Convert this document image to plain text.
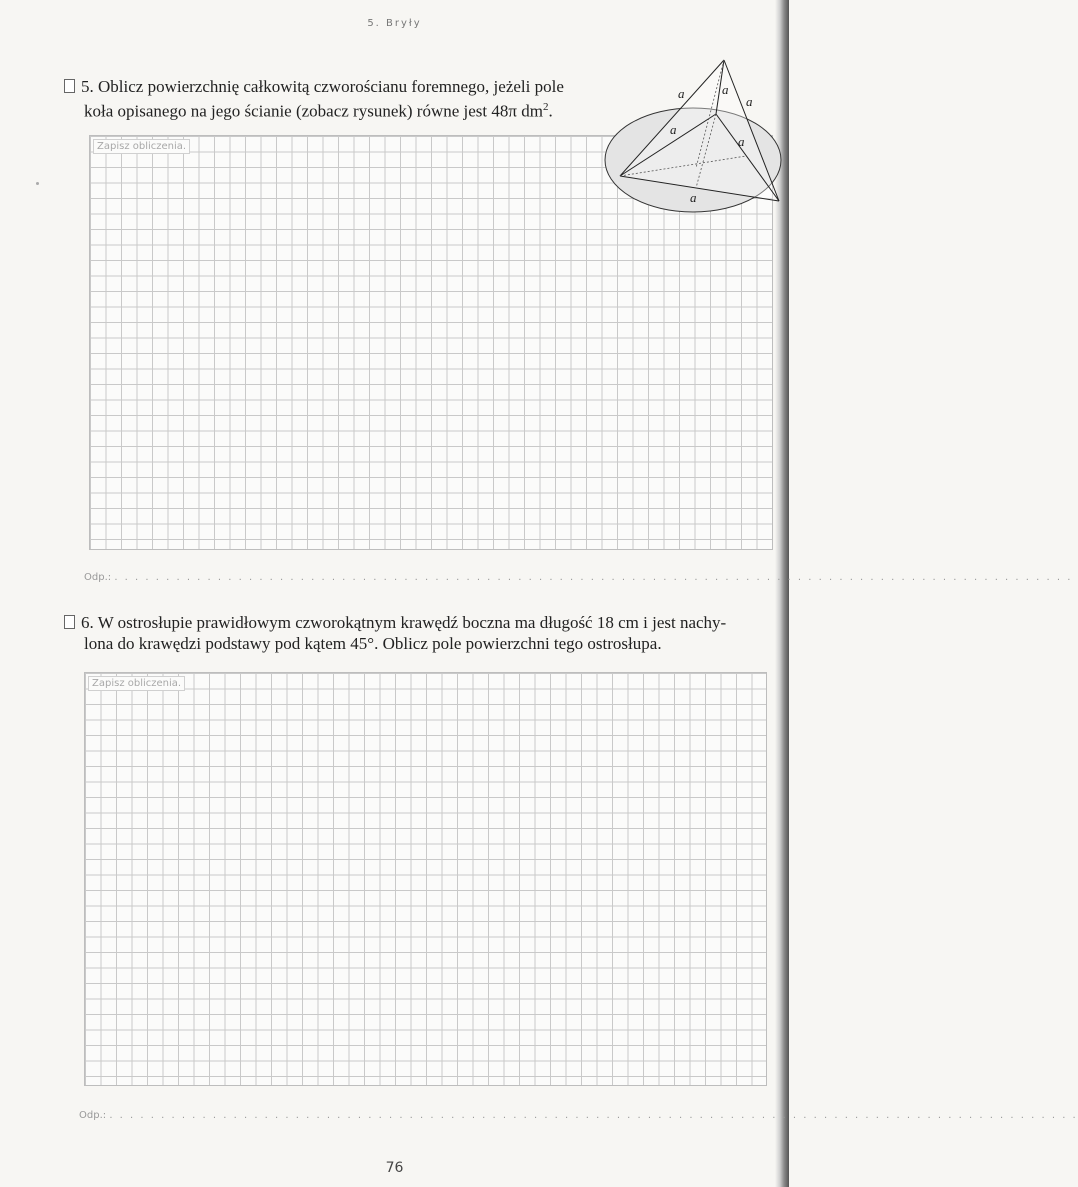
5. Bryły
5. Oblicz powierzchnię całkowitą czworościanu foremnego, jeżeli pole
koła opisanego na jego ścianie (zobacz rysunek) równe jest 48π $dm^2$.
Zapisz obliczenia.
a	a
a
a
a
a
Odp.: . . . . . . . . . . . . . . . . . . . . . . . . . . . . . . . . . . . . . . . . . . . . . . . . . . . . . . . . . . . . . . . . . . . . . . . . . . . . . . . . . . . . . . . . . . . . .
6. W ostrosłupie prawidłowym czworokątnym krawędź boczna ma długość 18 cm i jest nachy-
lona do krawędzi podstawy pod kątem 45°. Oblicz pole powierzchni tego ostrosłupa.
Zapisz obliczenia.
Odp.: . . . . . . . . . . . . . . . . . . . . . . . . . . . . . . . . . . . . . . . . . . . . . . . . . . . . . . . . . . . . . . . . . . . . . . . . . . . . . . . . . . . . . . . . . . . . . .
76
